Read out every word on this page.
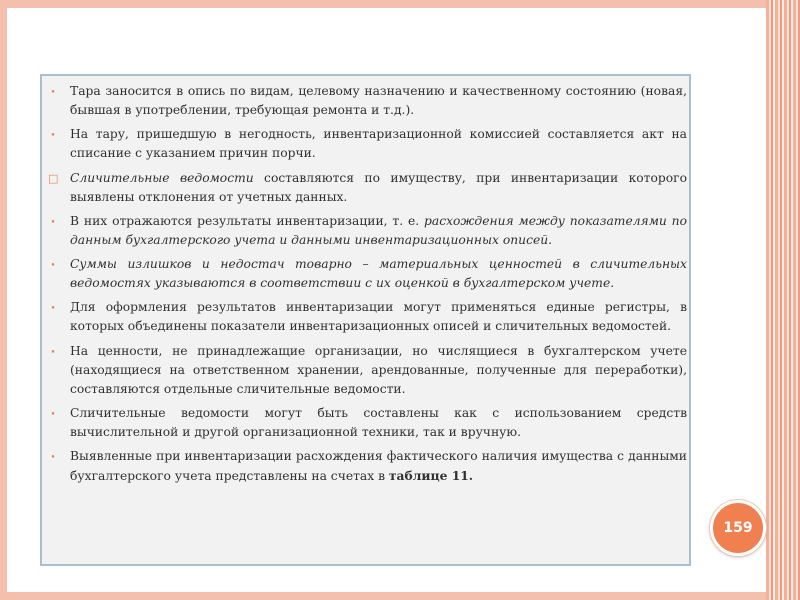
•
Тара заносится в опись по видам, целевому назначению и качественному состоянию (новая, бывшая в употреблении, требующая ремонта и т.д.).
•
На тару, пришедшую в негодность, инвентаризационной комиссией составляется акт на списание с указанием причин порчи.
□
Сличительные ведомости составляются по имуществу, при инвентаризации которого выявлены отклонения от учетных данных.
•
В них отражаются результаты инвентаризации, т. е. расхождения между показателями по данным бухгалтерского учета и данными инвентаризационных описей.
•
Суммы излишков и недостач товарно – материальных ценностей в сличительных ведомостях указываются в соответствии с их оценкой в бухгалтерском учете.
•
Для оформления результатов инвентаризации могут применяться единые регистры, в которых объединены показатели инвентаризационных описей и сличительных ведомостей.
•
На ценности, не принадлежащие организации, но числящиеся в бухгалтерском учете (находящиеся на ответственном хранении, арендованные, полученные для переработки), составляются отдельные сличительные ведомости.
•
Сличительные ведомости могут быть составлены как с использованием средств вычислительной и другой организационной техники, так и вручную.
•
Выявленные при инвентаризации расхождения фактического наличия имущества с данными бухгалтерского учета представлены на счетах в таблице 11.
159
